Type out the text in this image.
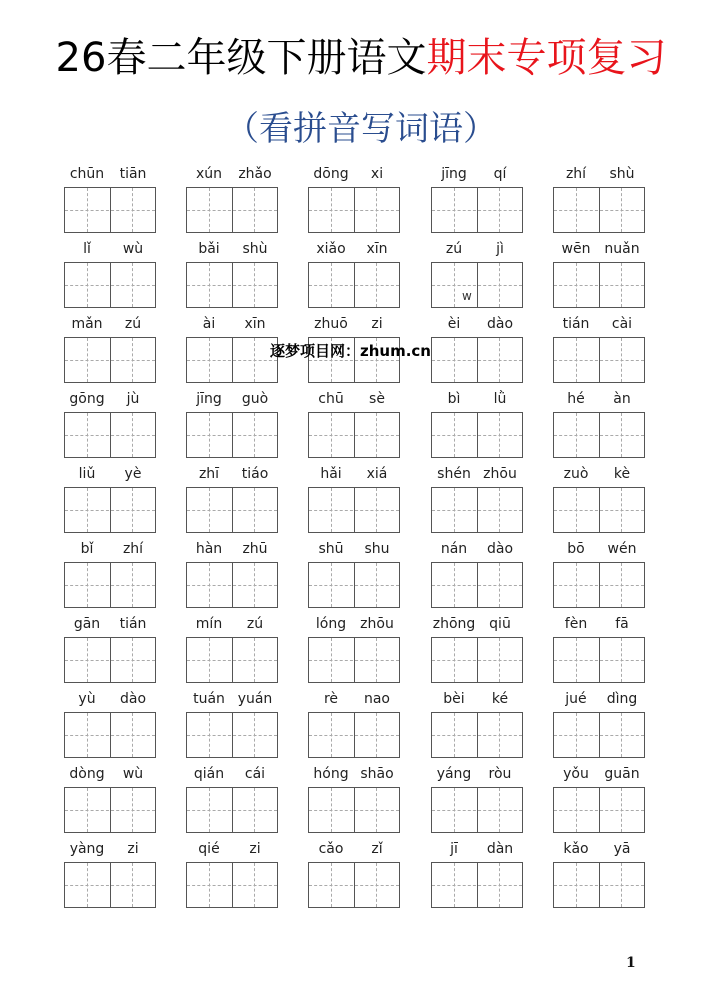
26春二年级下册语文期末专项复习
（看拼音写词语）
chūn	tiān	xún	zhǎo	dōng	xi	jīng	qí	zhí	shù
lǐ	wù	bǎi	shù	xiǎo	xīn	zú	jì	wēn nuǎn
mǎn	zú	ài	xīn	zhuō	zi	èi	dào	tián	cài
gōng	jù	jīng	guò	chū	sè	bì	lǜ	hé	àn
liǔ	yè	zhī	tiáo	hǎi	xiá	shén zhōu	zuò	kè
bǐ	zhí	hàn	zhū	shū	shu	nán	dào	bō	wén
gān	tián	mín	zú	lóng	zhōu	zhōng qiū	fèn	fā
yù	dào	tuán yuán	rè	nao	bèi	ké	jué	dìng
dòng	wù	qián	cái	hóng shāo	yáng	ròu	yǒu	guān
yàng	zi	qié	zi	cǎo	zǐ	jī	dàn	kǎo	yā
w
逐梦项目网：zhum.cn
1
